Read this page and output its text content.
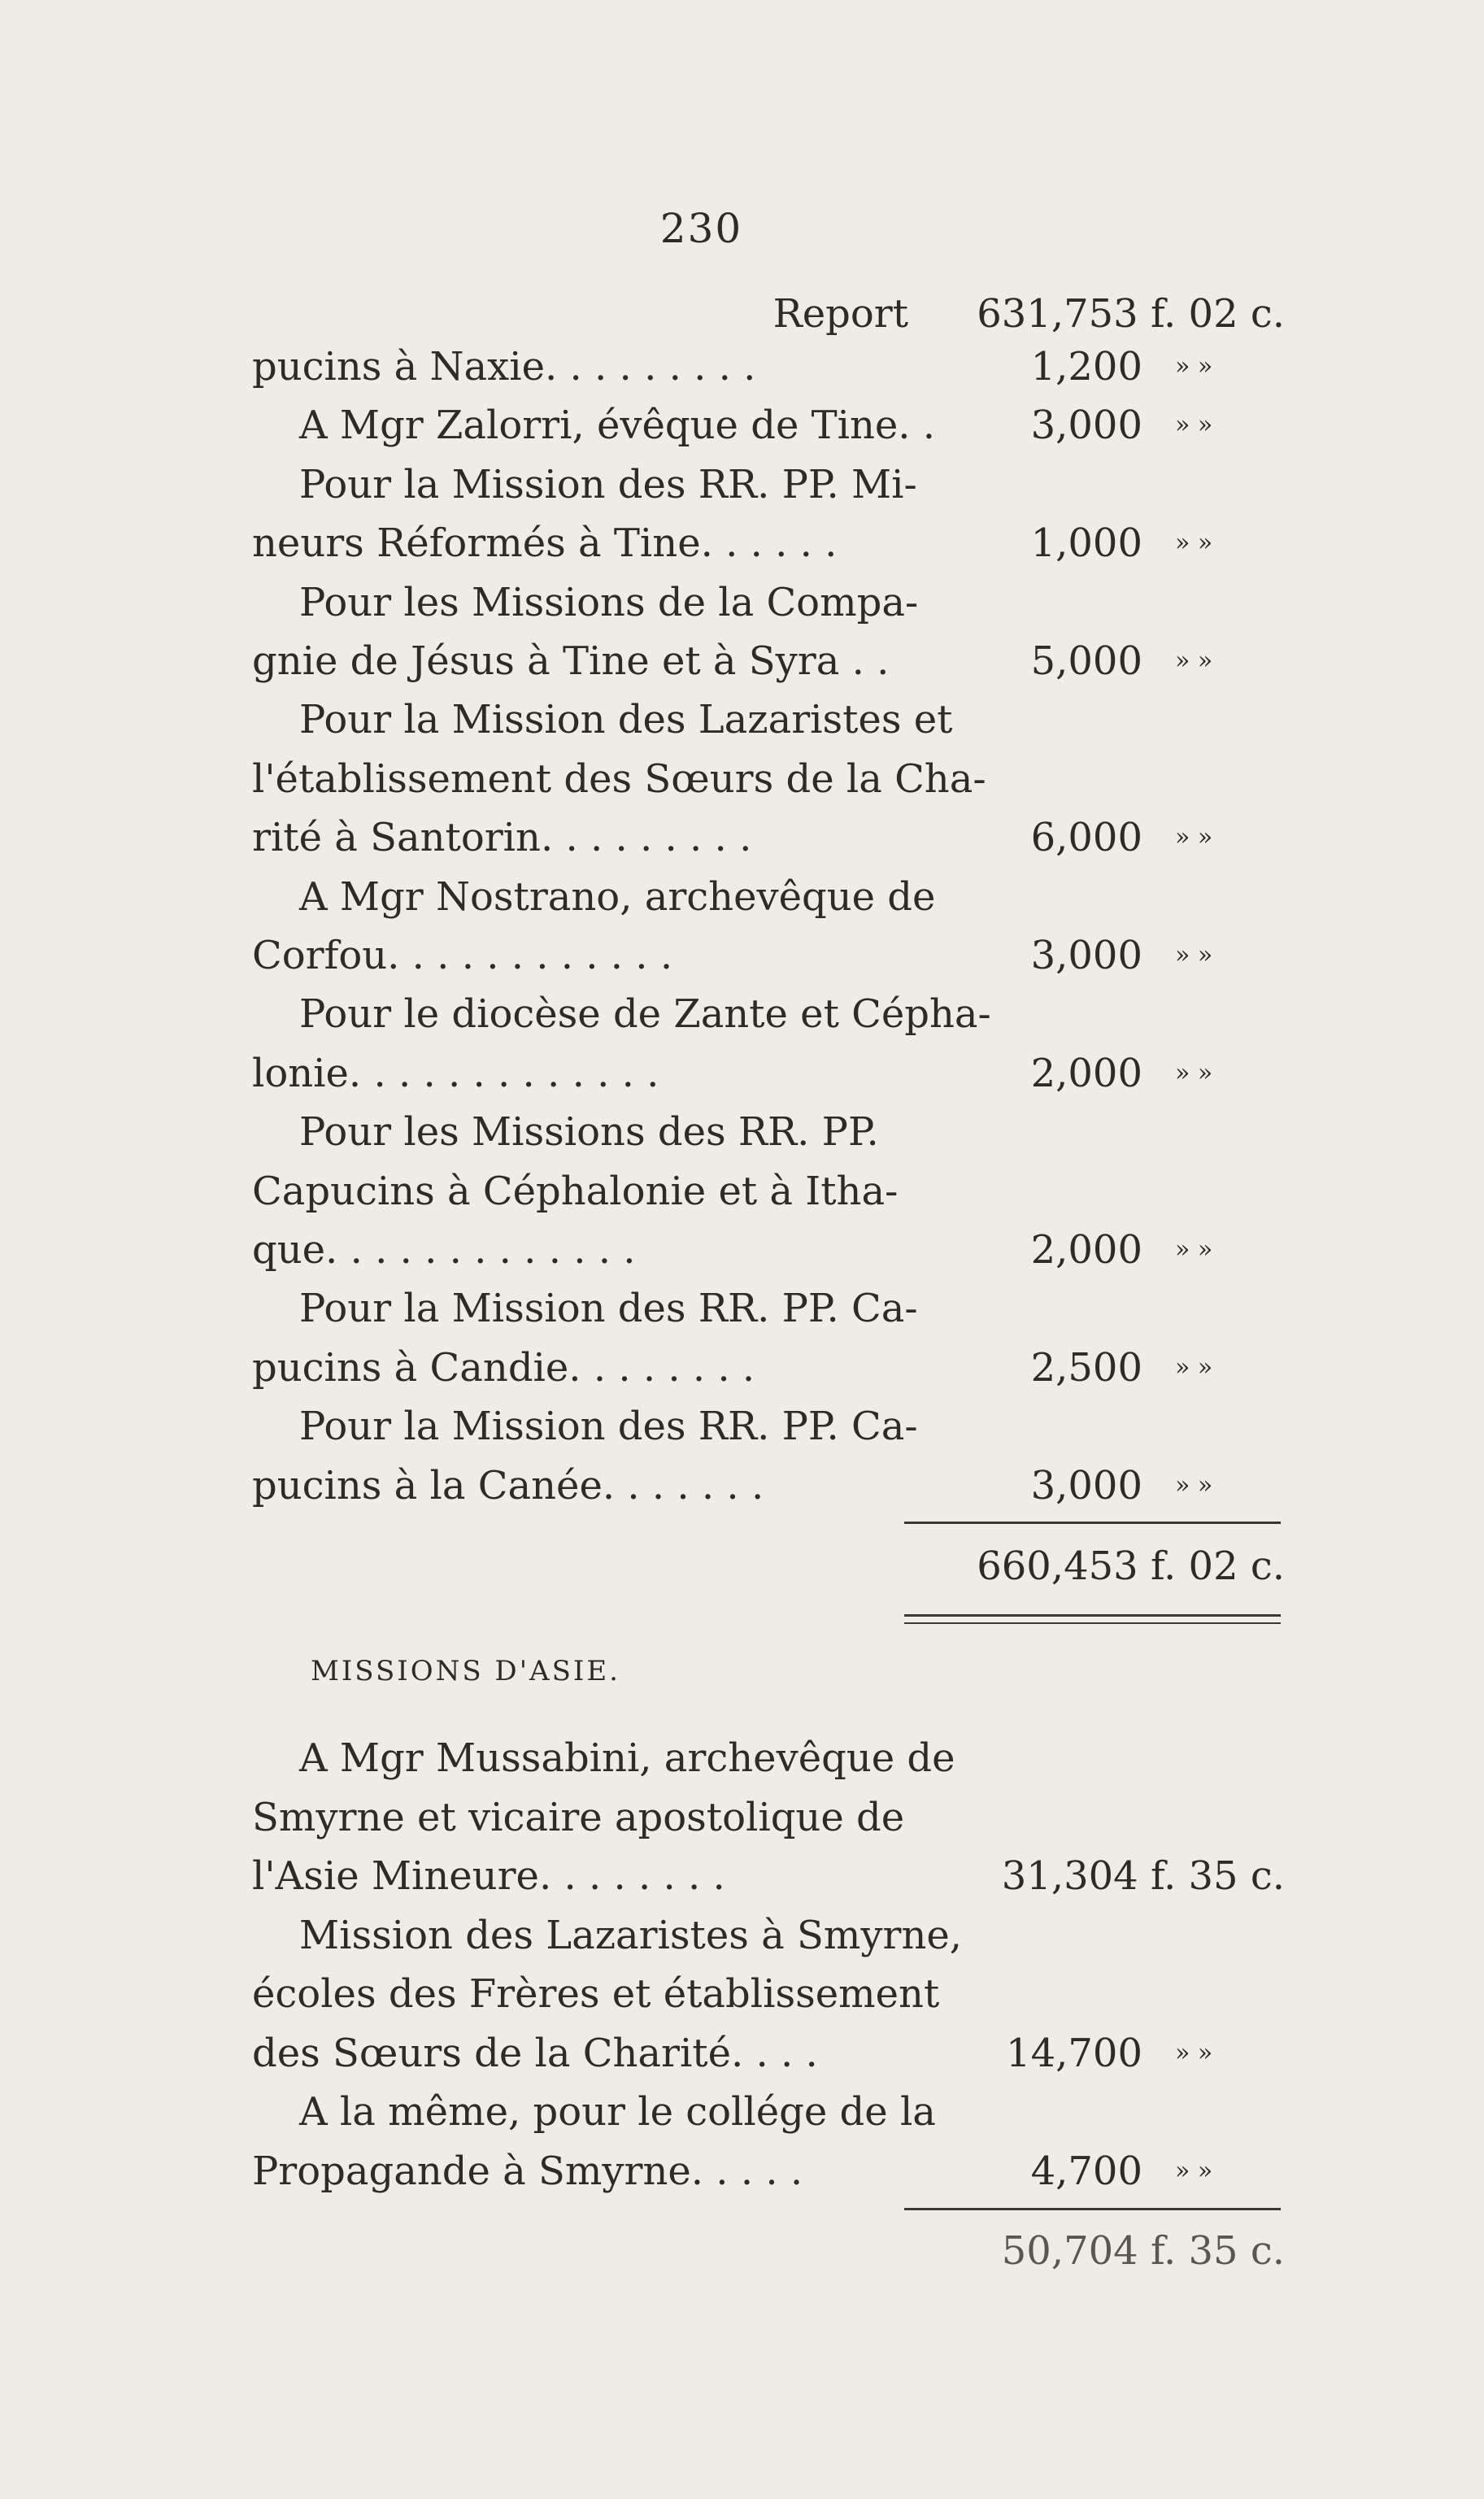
230
Report 631,753 f. 02 c.
pucins à Naxie. . . . . . . . .	1,200 » »
A Mgr Zalorri, évêque de Tine. . 3,000 » »
Pour la Mission des RR. PP. Mi-
neurs Réformés à Tine. . . . . .	1,000 » »
Pour les Missions de la Compa-
gnie de Jésus à Tine et à Syra . .	5,000 » »
Pour la Mission des Lazaristes et
l'établissement des Sœurs de la Cha-
rité à Santorin. . . . . . . . .	6,000 » »
A Mgr Nostrano, archevêque de
Corfou. . . . . . . . . . . .	3,000 » »
Pour le diocèse de Zante et Cépha-
lonie. . . . . . . . . . . . .	2,000 » »
Pour les Missions des RR. PP.
Capucins à Céphalonie et à Itha-
que. . . . . . . . . . . . .	2,000 » »
Pour la Mission des RR. PP. Ca-
pucins à Candie. . . . . . . .	2,500 » »
Pour la Mission des RR. PP. Ca-
pucins à la Canée. . . . . . .	3,000 » »
660,453 f. 02 c.
MISSIONS D'ASIE.
A Mgr Mussabini, archevêque de
Smyrne et vicaire apostolique de
l'Asie Mineure. . . . . . . .	31,304 f. 35 c.
Mission des Lazaristes à Smyrne,
écoles des Frères et établissement
des Sœurs de la Charité. . . .	14,700 » »
A la même, pour le collége de la
Propagande à Smyrne. . . . .	4,700 » »
50,704 f. 35 c.
